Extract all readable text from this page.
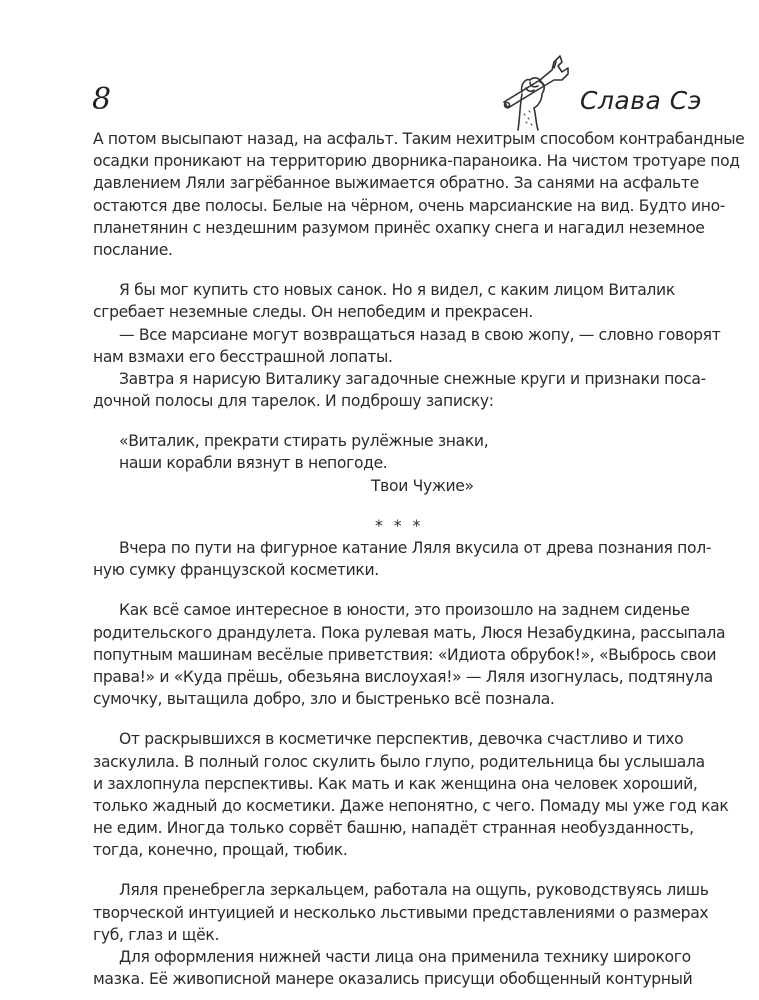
8	Слава Сэ
А потом высыпают назад, на асфальт. Таким нехитрым способом контрабандные
осадки проникают на территорию дворника-параноика. На чистом тротуаре под
давлением Ляли загрёбанное выжимается обратно. За санями на асфальте
остаются две полосы. Белые на чёрном, очень марсианские на вид. Будто ино-
планетянин с нездешним разумом принёс охапку снега и нагадил неземное
послание.
Я бы мог купить сто новых санок. Но я видел, с каким лицом Виталик
сгребает неземные следы. Он непобедим и прекрасен.
— Все марсиане могут возвращаться назад в свою жопу, — словно говорят
нам взмахи его бесстрашной лопаты.
Завтра я нарисую Виталику загадочные снежные круги и признаки поса-
дочной полосы для тарелок. И подброшу записку:
«Виталик, прекрати стирать рулёжные знаки,
наши корабли вязнут в непогоде.
Твои Чужие»
* * *
Вчера по пути на фигурное катание Ляля вкусила от древа познания пол-
ную сумку французской косметики.
Как всё самое интересное в юности, это произошло на заднем сиденье
родительского драндулета. Пока рулевая мать, Люся Незабудкина, рассыпала
попутным машинам весёлые приветствия: «Идиота обрубок!», «Выбрось свои
права!» и «Куда прёшь, обезьяна вислоухая!» — Ляля изогнулась, подтянула
сумочку, вытащила добро, зло и быстренько всё познала.
От раскрывшихся в косметичке перспектив, девочка счастливо и тихо
заскулила. В полный голос скулить было глупо, родительница бы услышала
и захлопнула перспективы. Как мать и как женщина она человек хороший,
только жадный до косметики. Даже непонятно, с чего. Помаду мы уже год как
не едим. Иногда только сорвёт башню, нападёт странная необузданность,
тогда, конечно, прощай, тюбик.
Ляля пренебрегла зеркальцем, работала на ощупь, руководствуясь лишь
творческой интуицией и несколько льстивыми представлениями о размерах
губ, глаз и щёк.
Для оформления нижней части лица она применила технику широкого
мазка. Её живописной манере оказались присущи обобщенный контурный
